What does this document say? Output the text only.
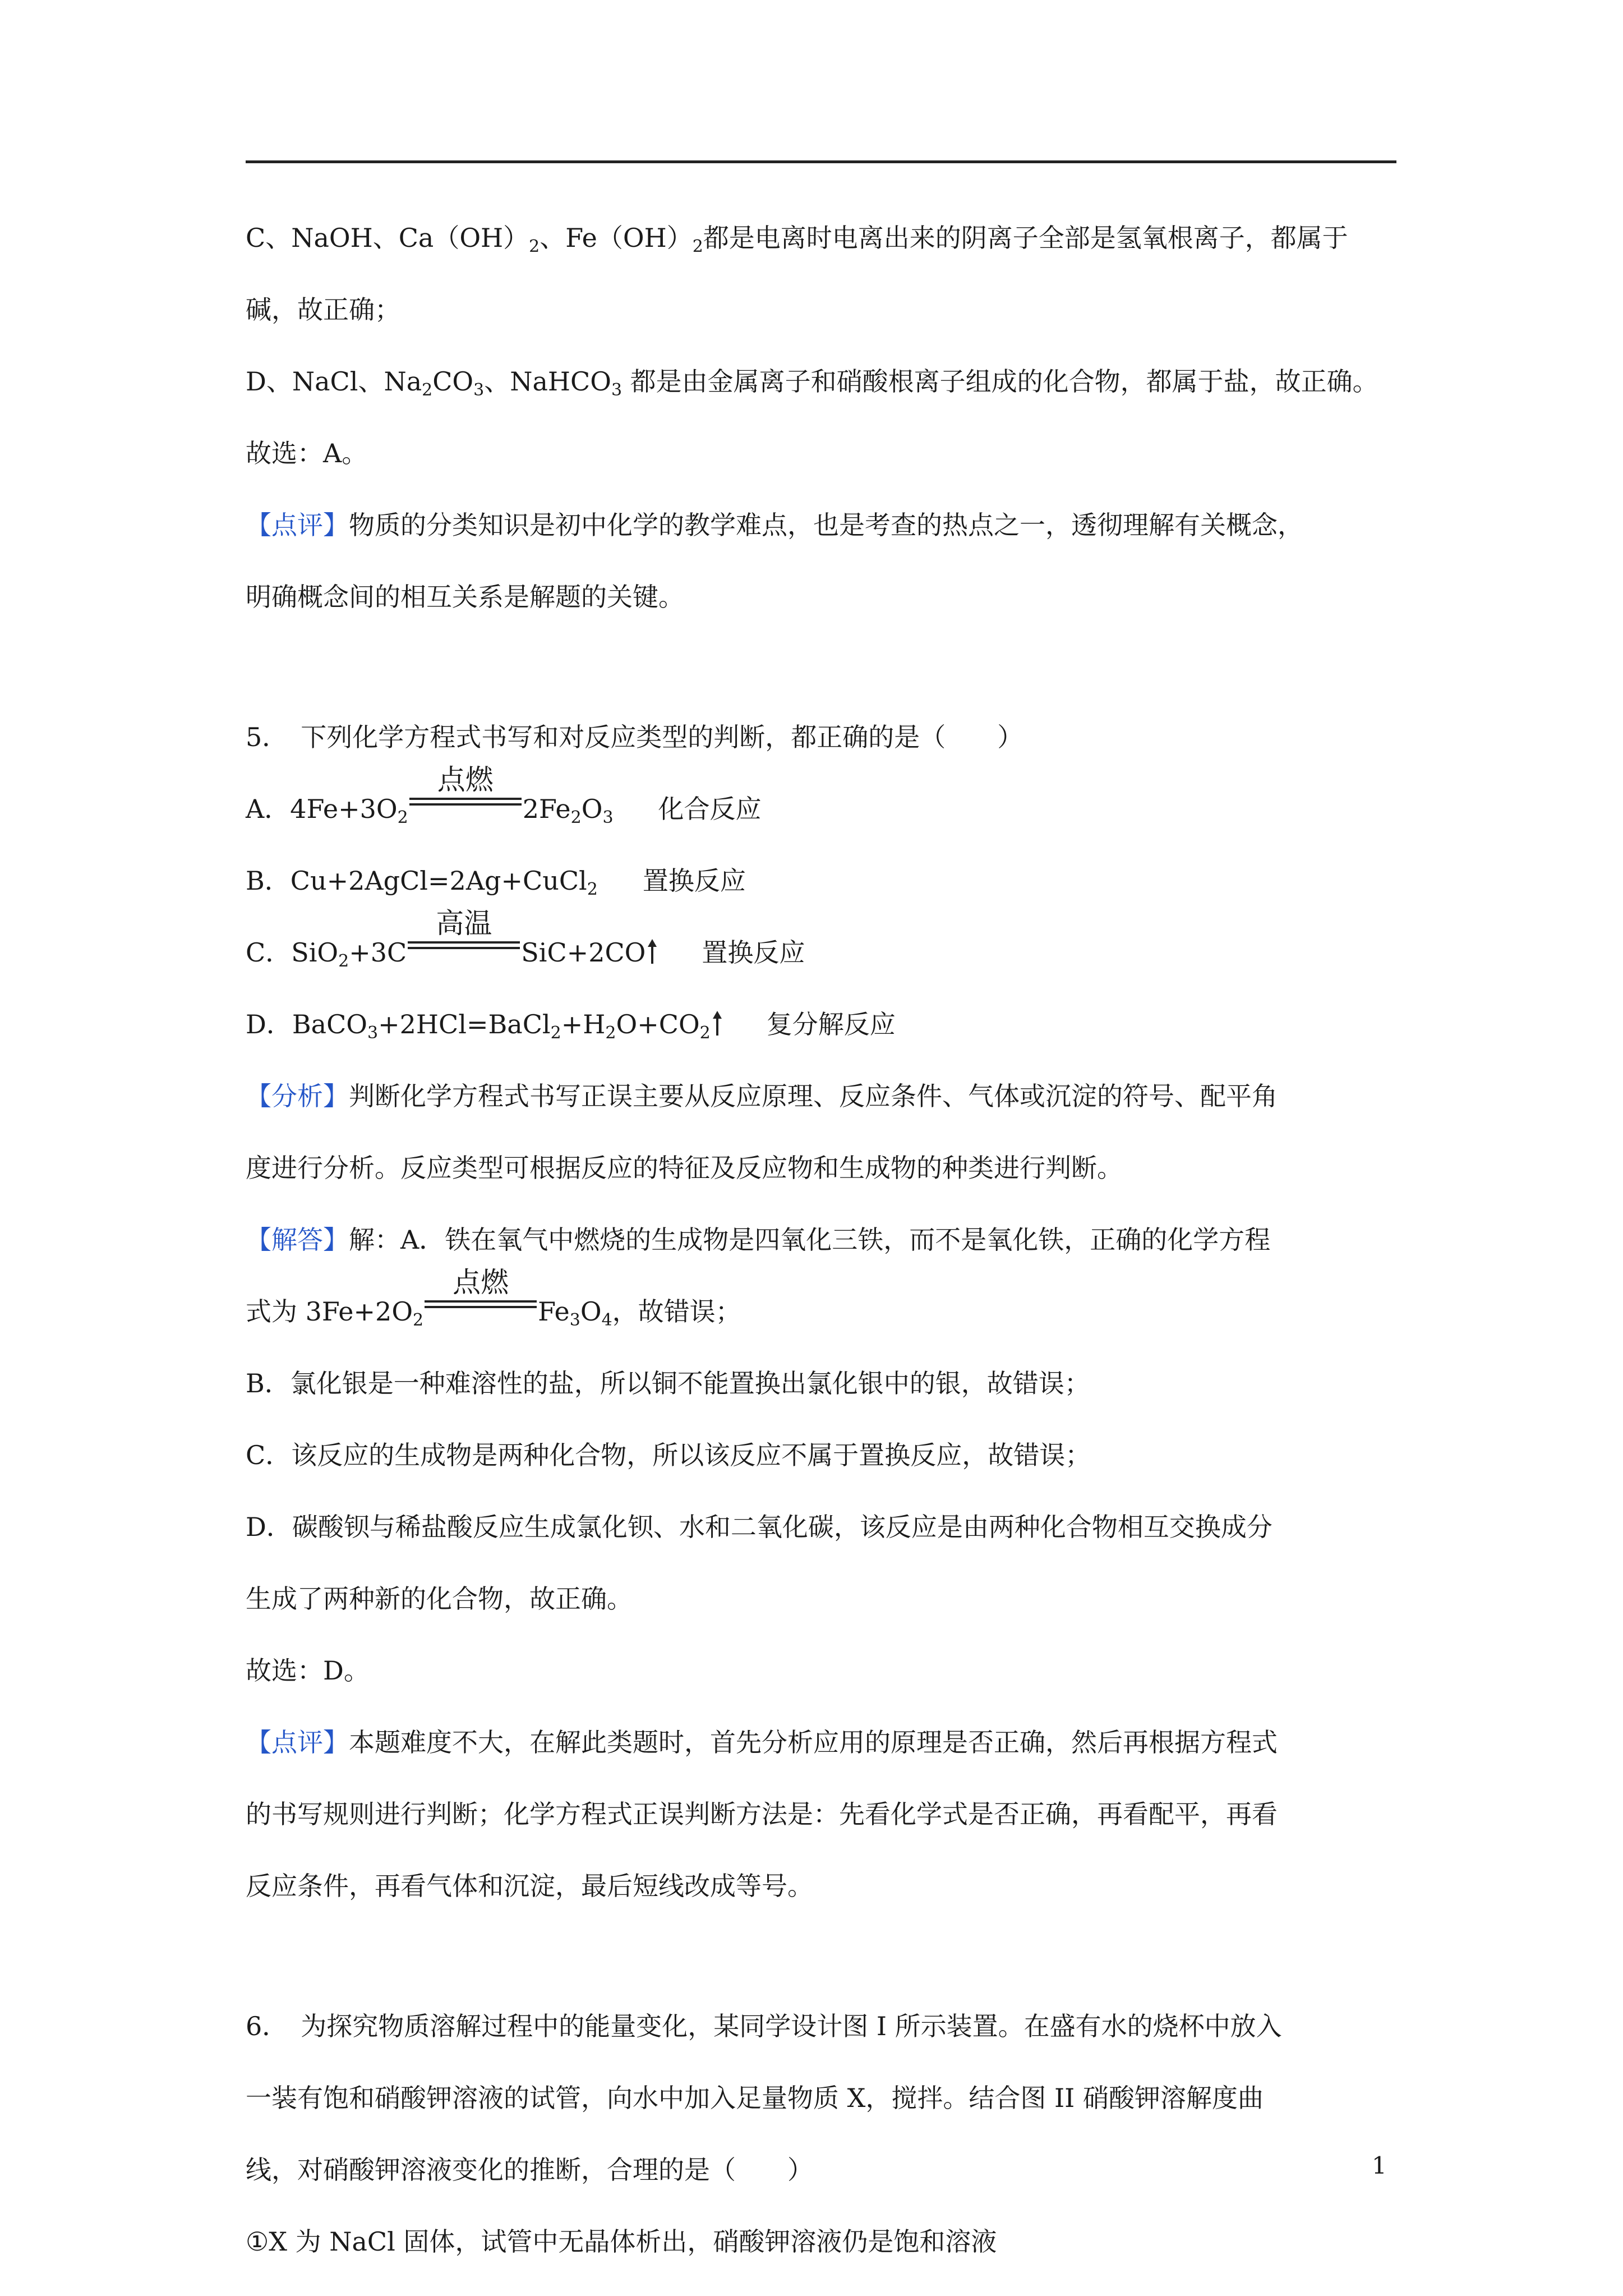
C、NaOH、$Ca(OH)_2$、$Fe(OH)_2$都是电离时电离出来的阴离子全部是氢氧根离子，都属于
碱，故正确；
D、NaCl、$Na_2CO_3$、NaHCO$_3$ 都是由金属离子和硝酸根离子组成的化合物，都属于盐，故正确。
故选：A。
【点评】物质的分类知识是初中化学的教学难点，也是考查的热点之一，透彻理解有关概念，
明确概念间的相互关系是解题的关键。
5．　下列化学方程式书写和对反应类型的判断，都正确的是（　　）
A．$4Fe+3O_2$
点燃
$2Fe_2O_3$ 化合反应
B．Cu+2AgCl=2Ag+CuCl$_2$ 置换反应
C．SiO$_2$+3C
高温
SiC+2CO 置换反应
D．$BaCO_3+2HCl=BaCl_2+H_2O+CO_2$ 复分解反应
【分析】判断化学方程式书写正误主要从反应原理、反应条件、气体或沉淀的符号、配平角
度进行分析。反应类型可根据反应的特征及反应物和生成物的种类进行判断。
【解答】解：A．铁在氧气中燃烧的生成物是四氧化三铁，而不是氧化铁，正确的化学方程
式为 $3Fe+2O_2$
点燃
$Fe_3O_4$，故错误；
B．氯化银是一种难溶性的盐，所以铜不能置换出氯化银中的银，故错误；
C．该反应的生成物是两种化合物，所以该反应不属于置换反应，故错误；
D．碳酸钡与稀盐酸反应生成氯化钡、水和二氧化碳，该反应是由两种化合物相互交换成分
生成了两种新的化合物，故正确。
故选：D。
【点评】本题难度不大，在解此类题时，首先分析应用的原理是否正确，然后再根据方程式
的书写规则进行判断；化学方程式正误判断方法是：先看化学式是否正确，再看配平，再看
反应条件，再看气体和沉淀，最后短线改成等号。
6．　为探究物质溶解过程中的能量变化，某同学设计图 I 所示装置。在盛有水的烧杯中放入
一装有饱和硝酸钾溶液的试管，向水中加入足量物质 X，搅拌。结合图 II 硝酸钾溶解度曲
线，对硝酸钾溶液变化的推断，合理的是（　　）
①X 为 NaCl 固体，试管中无晶体析出，硝酸钾溶液仍是饱和溶液
1
